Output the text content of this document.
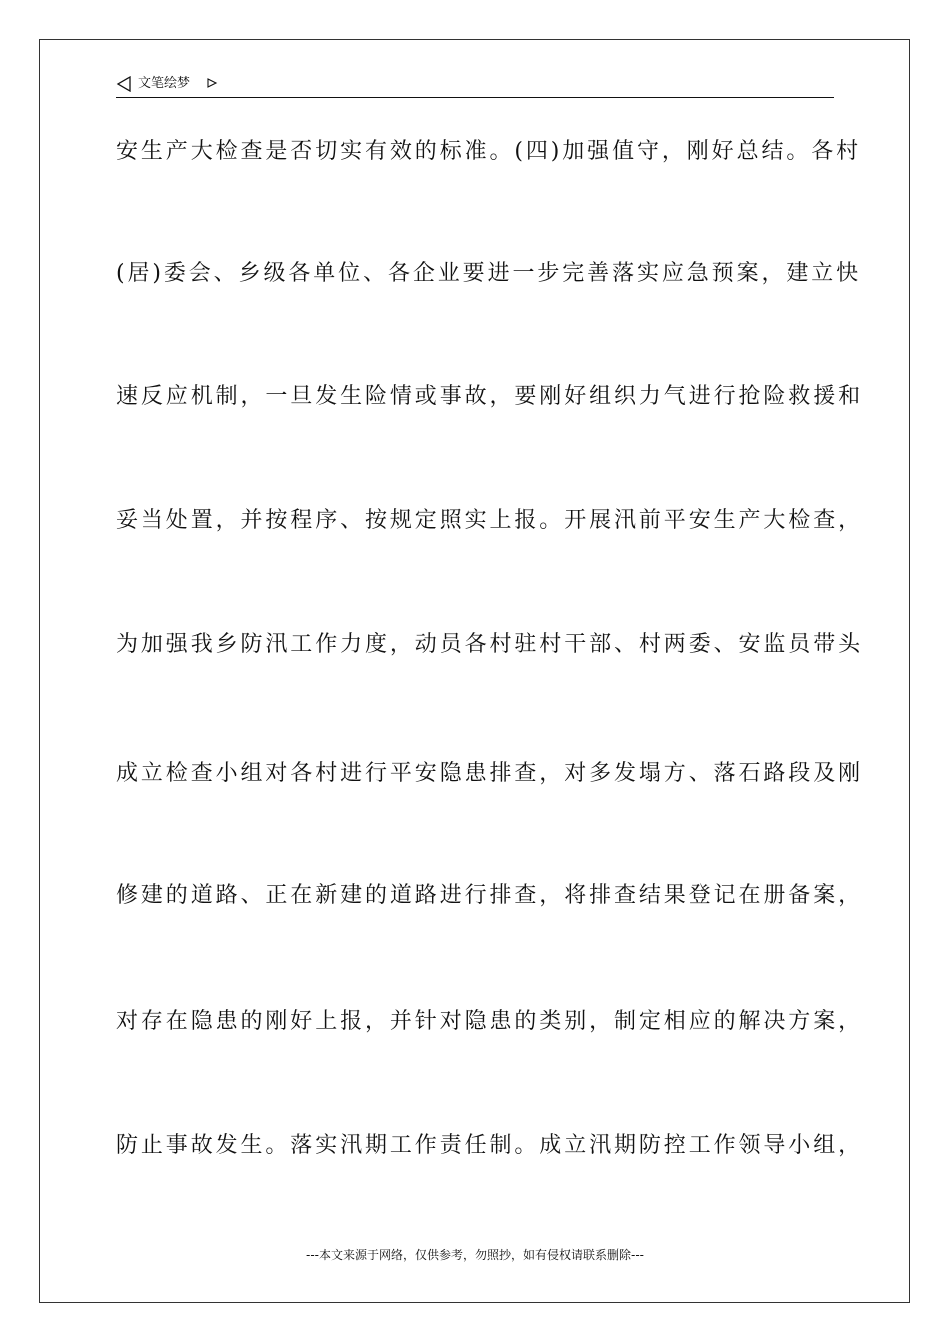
文笔绘梦
安生产大检查是否切实有效的标准。(四)加强值守，刚好总结。各村
(居)委会、乡级各单位、各企业要进一步完善落实应急预案，建立快
速反应机制，一旦发生险情或事故，要刚好组织力气进行抢险救援和
妥当处置，并按程序、按规定照实上报。开展汛前平安生产大检查，
为加强我乡防汛工作力度，动员各村驻村干部、村两委、安监员带头
成立检查小组对各村进行平安隐患排查，对多发塌方、落石路段及刚
修建的道路、正在新建的道路进行排查，将排查结果登记在册备案，
对存在隐患的刚好上报，并针对隐患的类别，制定相应的解决方案，
防止事故发生。落实汛期工作责任制。成立汛期防控工作领导小组，
---本文来源于网络，仅供参考，勿照抄，如有侵权请联系删除---
